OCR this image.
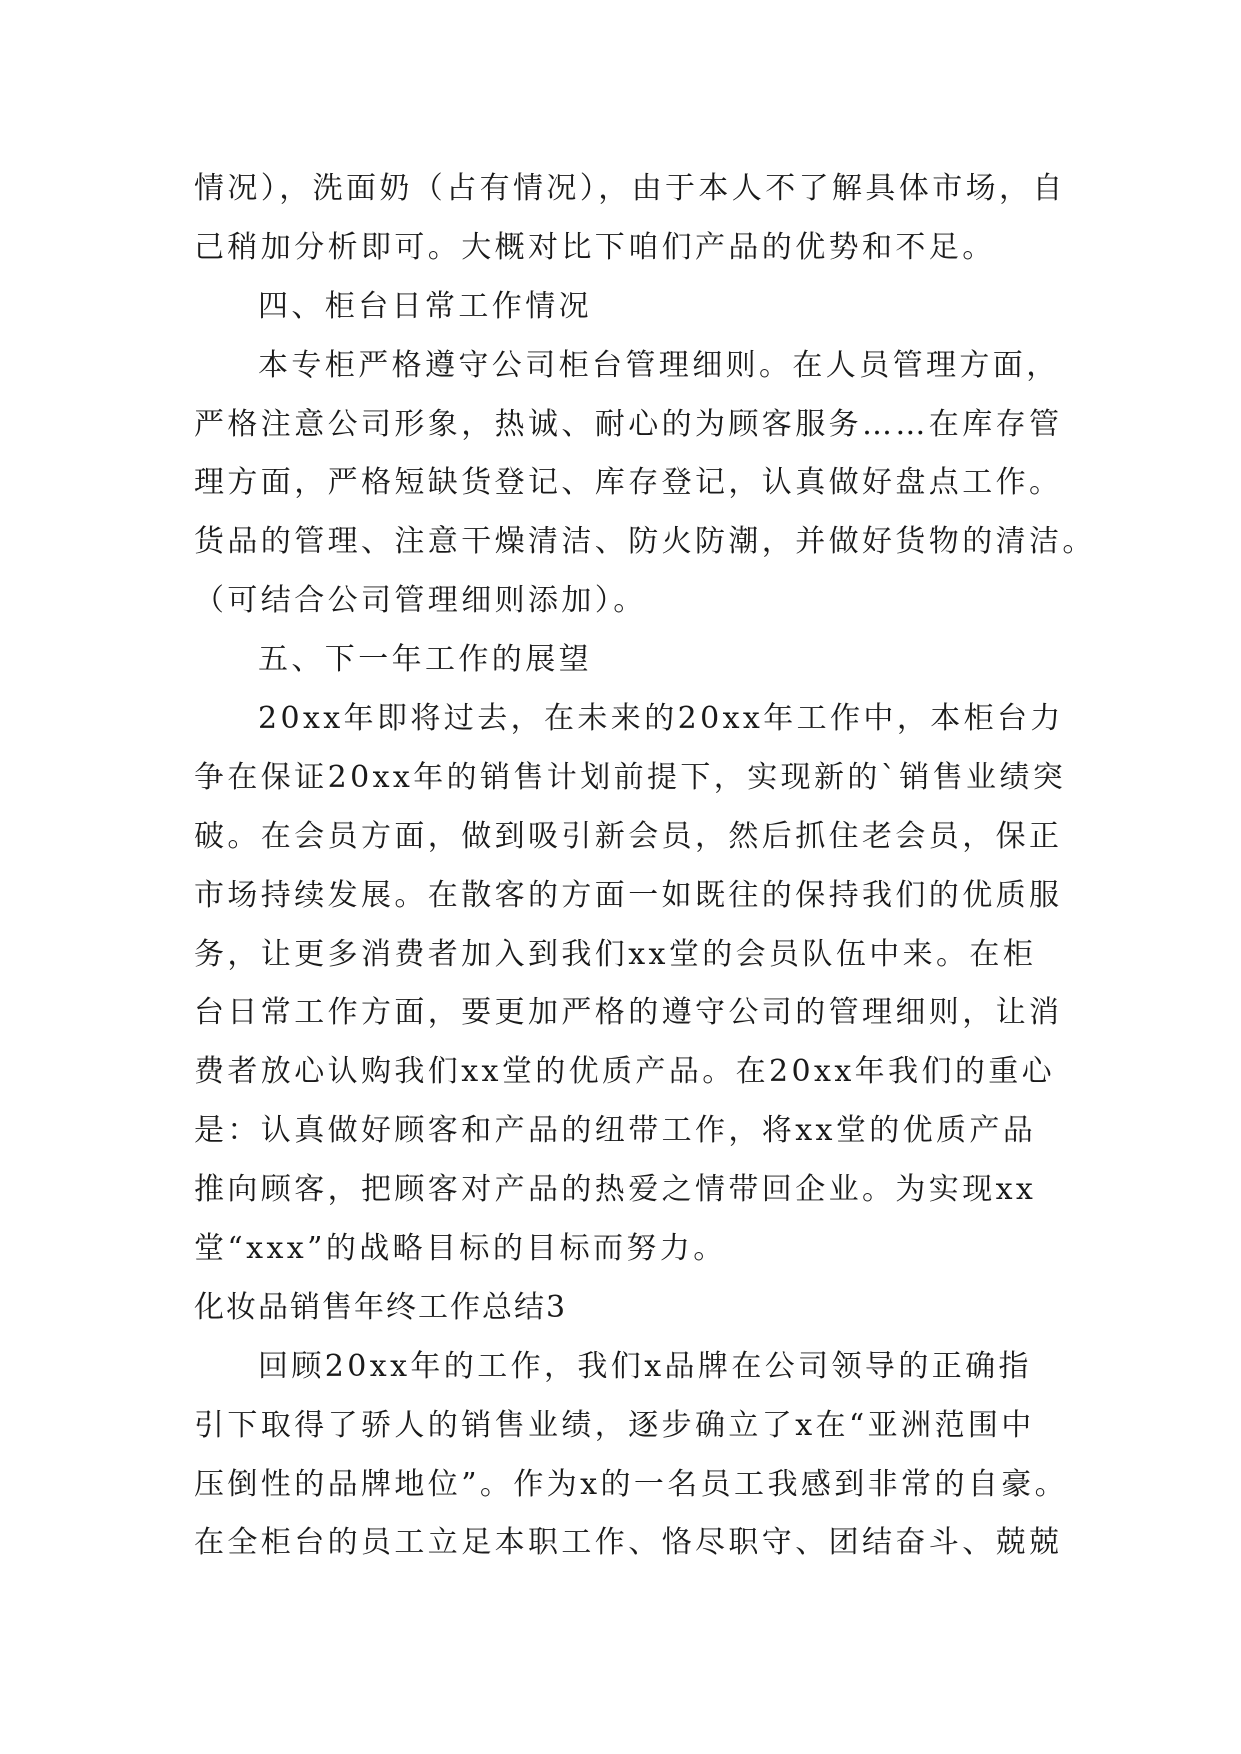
情况），洗面奶（占有情况），由于本人不了解具体市场，自
己稍加分析即可。大概对比下咱们产品的优势和不足。
四、柜台日常工作情况
本专柜严格遵守公司柜台管理细则。在人员管理方面，
严格注意公司形象，热诚、耐心的为顾客服务……在库存管
理方面，严格短缺货登记、库存登记，认真做好盘点工作。
货品的管理、注意干燥清洁、防火防潮，并做好货物的清洁。
（可结合公司管理细则添加）。
五、下一年工作的展望
20xx年即将过去，在未来的20xx年工作中，本柜台力
争在保证20xx年的销售计划前提下，实现新的`销售业绩突
破。在会员方面，做到吸引新会员，然后抓住老会员，保正
市场持续发展。在散客的方面一如既往的保持我们的优质服
务，让更多消费者加入到我们xx堂的会员队伍中来。在柜
台日常工作方面，要更加严格的遵守公司的管理细则，让消
费者放心认购我们xx堂的优质产品。在20xx年我们的重心
是：认真做好顾客和产品的纽带工作，将xx堂的优质产品
推向顾客，把顾客对产品的热爱之情带回企业。为实现xx
堂“xxx”的战略目标的目标而努力。
化妆品销售年终工作总结3
回顾20xx年的工作，我们x品牌在公司领导的正确指
引下取得了骄人的销售业绩，逐步确立了x在“亚洲范围中
压倒性的品牌地位”。作为x的一名员工我感到非常的自豪。
在全柜台的员工立足本职工作、恪尽职守、团结奋斗、兢兢
